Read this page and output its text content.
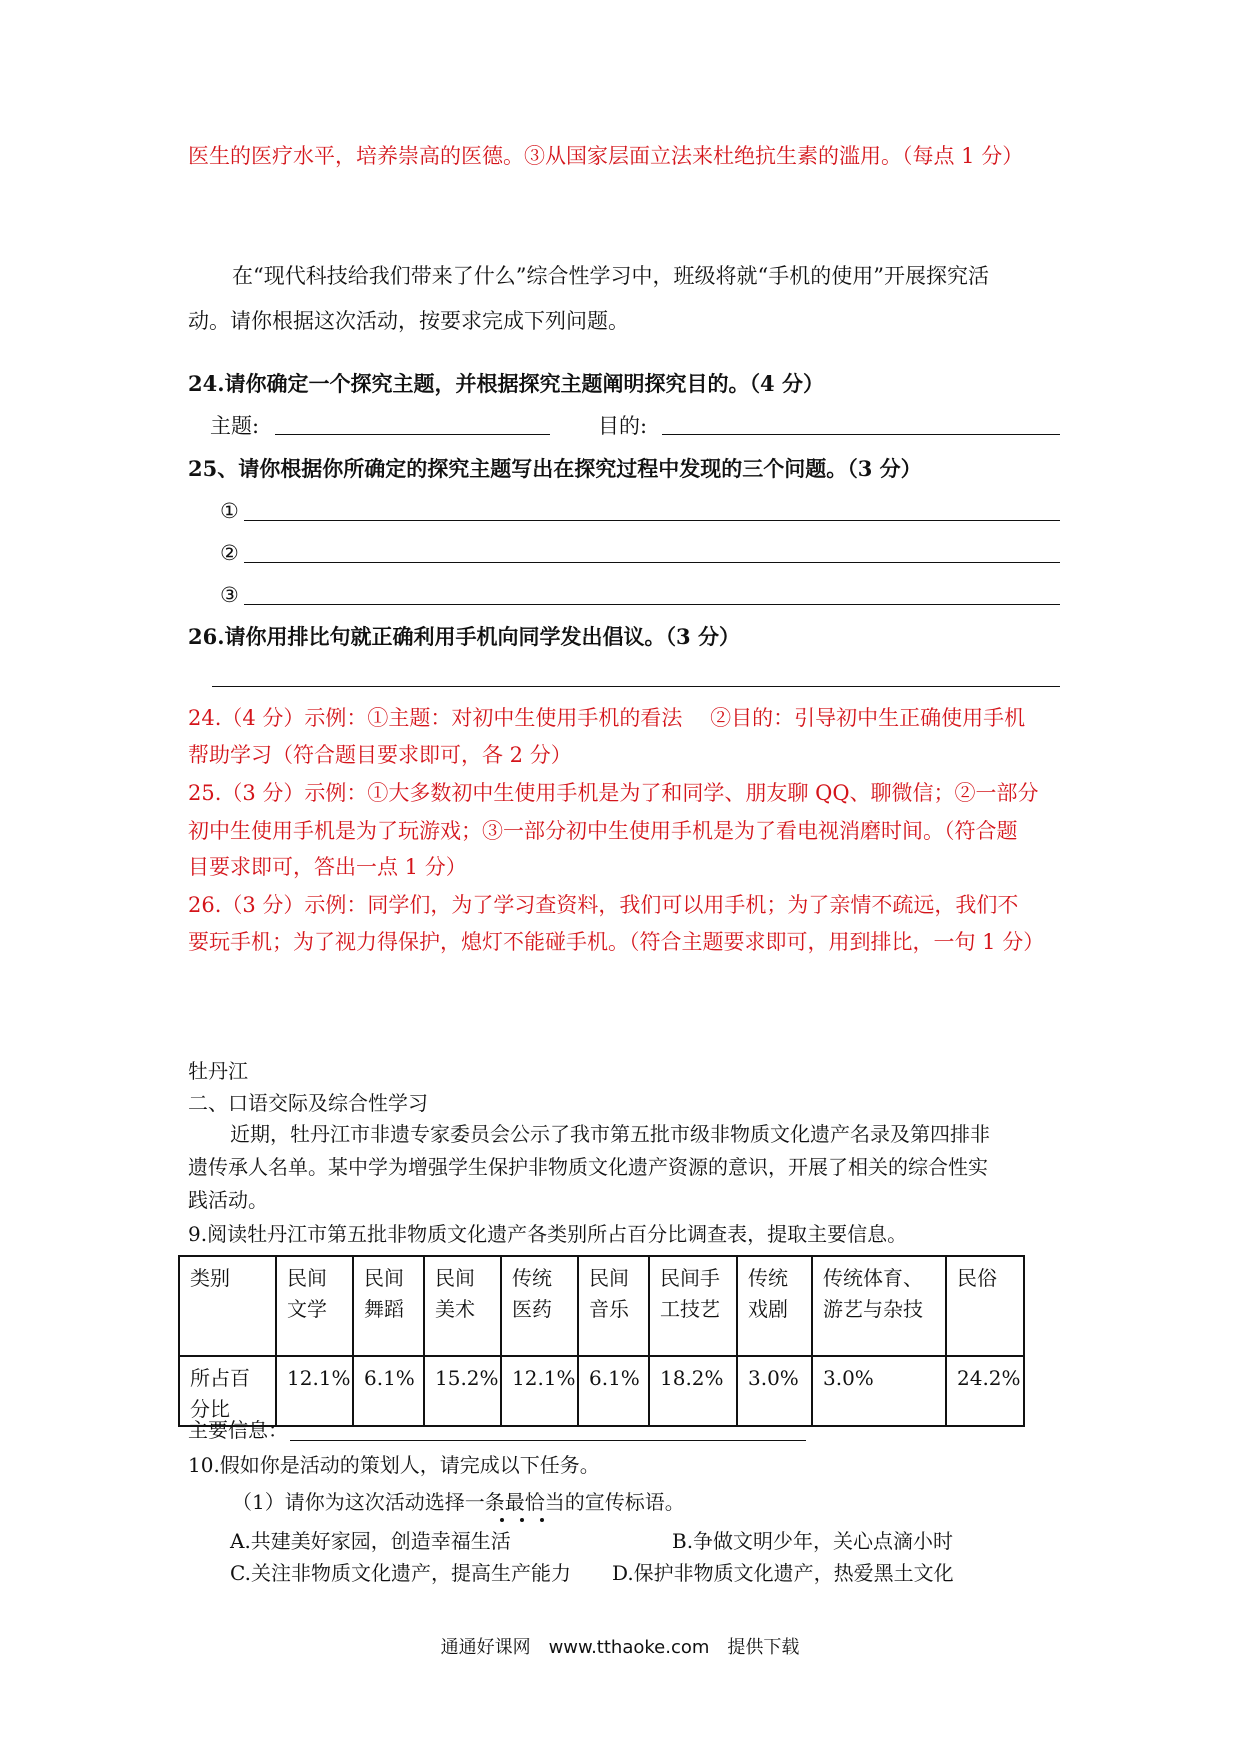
医生的医疗水平，培养崇高的医德。③从国家层面立法来杜绝抗生素的滥用。（每点 1 分）
在“现代科技给我们带来了什么”综合性学习中，班级将就“手机的使用”开展探究活
动。请你根据这次活动，按要求完成下列问题。
24.请你确定一个探究主题，并根据探究主题阐明探究目的。（4 分）
主题:	目的:
25、请你根据你所确定的探究主题写出在探究过程中发现的三个问题。（3 分）
①
②
③
26.请你用排比句就正确利用手机向同学发出倡议。（3 分）
24.（4 分）示例：①主题：对初中生使用手机的看法　 ②目的：引导初中生正确使用手机
帮助学习（符合题目要求即可，各 2 分）
25.（3 分）示例：①大多数初中生使用手机是为了和同学、朋友聊 QQ、聊微信；②一部分
初中生使用手机是为了玩游戏；③一部分初中生使用手机是为了看电视消磨时间。（符合题
目要求即可，答出一点 1 分）
26.（3 分）示例：同学们，为了学习查资料，我们可以用手机；为了亲情不疏远，我们不
要玩手机；为了视力得保护，熄灯不能碰手机。（符合主题要求即可，用到排比，一句 1 分）
牡丹江
二、口语交际及综合性学习
近期，牡丹江市非遗专家委员会公示了我市第五批市级非物质文化遗产名录及第四排非
遗传承人名单。某中学为增强学生保护非物质文化遗产资源的意识，开展了相关的综合性实
践活动。
9.阅读牡丹江市第五批非物质文化遗产各类别所占百分比调查表，提取主要信息。
类别	民间文学	民间舞蹈	民间美术	传统医药	民间音乐	民间手工技艺	传统戏剧	传统体育、游艺与杂技	民俗
所占百分比	12.1%	6.1%	15.2%	12.1%	6.1%	18.2%	3.0%	3.0%	24.2%
主要信息：
10.假如你是活动的策划人，请完成以下任务。
（1）请你为这次活动选择一条最恰当的宣传标语。
A.共建美好家园，创造幸福生活	B.争做文明少年，关心点滴小时
C.关注非物质文化遗产，提高生产能力 D.保护非物质文化遗产，热爱黑土文化
通通好课网　www.tthaoke.com　提供下载
